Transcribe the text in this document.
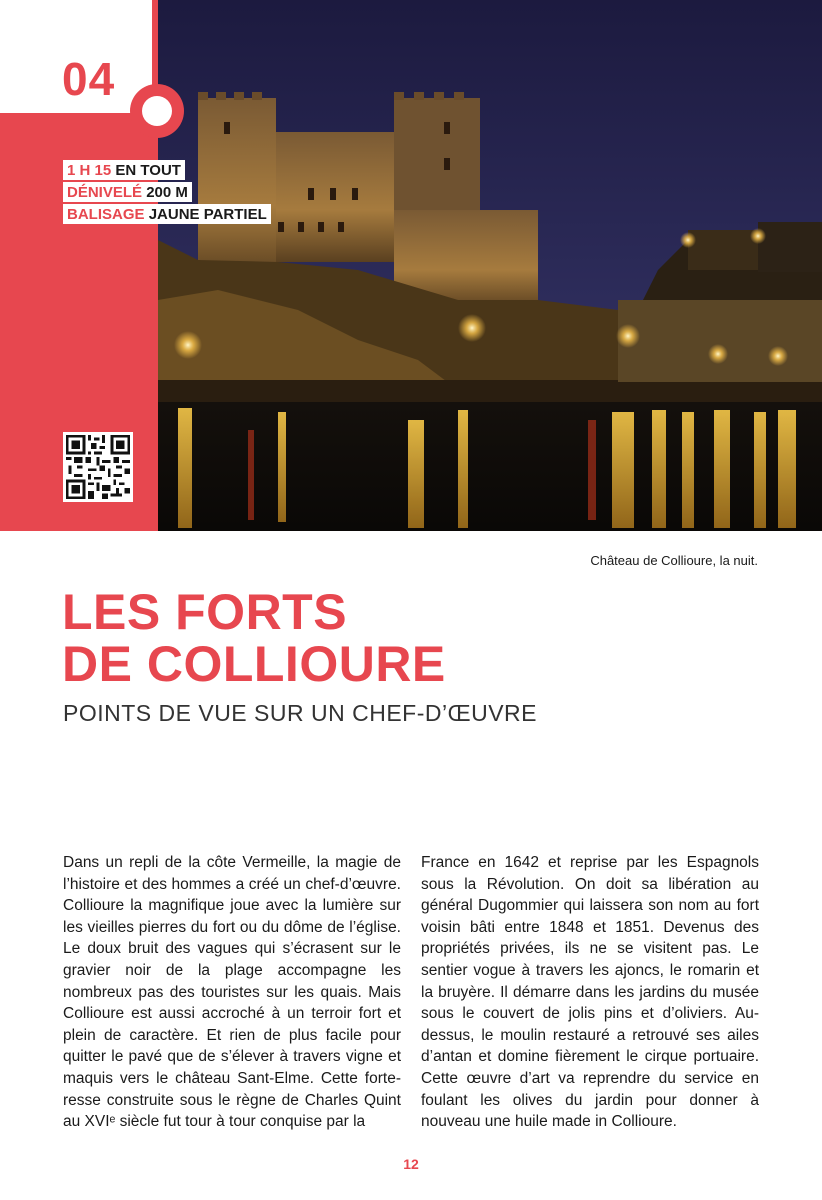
04
1 H 15 EN TOUT
DÉNIVELÉ 200 M
BALISAGE JAUNE PARTIEL
Château de Collioure, la nuit.
LES FORTS
DE COLLIOURE
POINTS DE VUE SUR UN CHEF-D’ŒUVRE

Dans un repli de la côte Vermeille, la magie de l’histoire et des hommes a créé un chef-d’œuvre. Collioure la magnifique joue avec la lumière sur les vieilles pierres du fort ou du dôme de l’église. Le doux bruit des vagues qui s’écrasent sur le gravier noir de la plage accompagne les nombreux pas des touristes sur les quais. Mais Collioure est aussi accroché à un terroir fort et plein de caractère. Et rien de plus facile pour quitter le pavé que de s’élever à travers vigne et maquis vers le château Sant-Elme. Cette forteresse construite sous le règne de Charles Quint au XVIᵉ siècle fut tour à tour conquise par la

France en 1642 et reprise par les Espagnols sous la Révolution. On doit sa libération au général Dugommier qui laissera son nom au fort voisin bâti entre 1848 et 1851. Devenus des propriétés privées, ils ne se visitent pas. Le sentier vogue à travers les ajoncs, le romarin et la bruyère. Il démarre dans les jardins du musée sous le couvert de jolis pins et d’oliviers. Au-dessus, le moulin restauré a retrouvé ses ailes d’antan et domine fièrement le cirque portuaire. Cette œuvre d’art va reprendre du service en foulant les olives du jardin pour donner à nouveau une huile made in Collioure.

12
